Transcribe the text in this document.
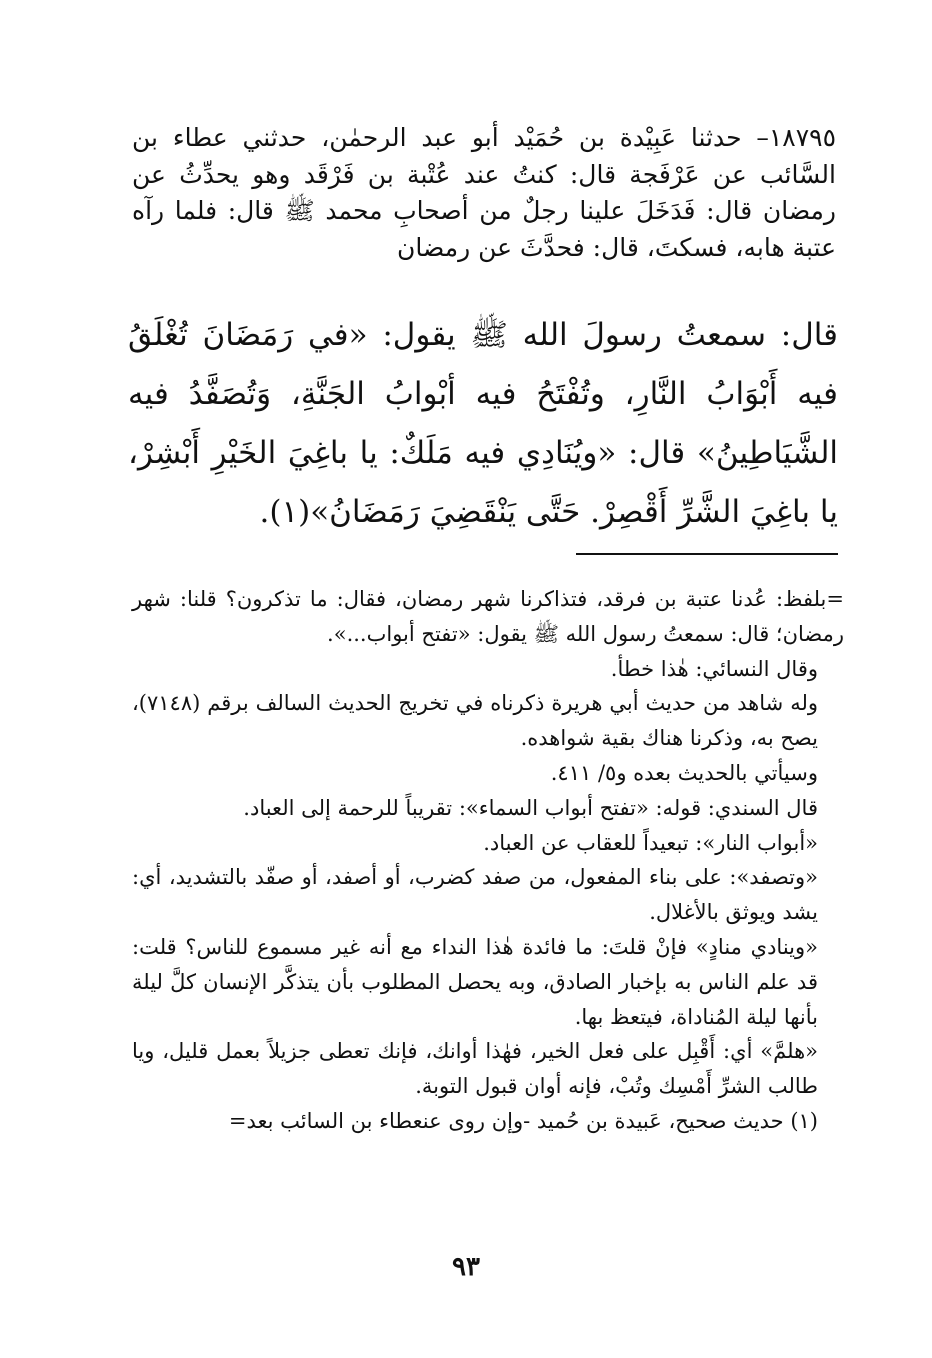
١٨٧٩٥– حدثنا عَبِيْدة بن حُمَيْد أبو عبد الرحمٰن، حدثني عطاء بن السَّائب عن عَرْفَجة قال: كنتُ عند عُتْبة بن فَرْقَد وهو يحدِّثُ عن رمضان قال: فَدَخَلَ علينا رجلٌ من أصحابِ محمد ﷺ قال: فلما رآه عتبة هابه، فسكتَ، قال: فحدَّثَ عن رمضان
قال: سمعتُ رسولَ الله ﷺ يقول: «في رَمَضَانَ تُغْلَقُ فيه أَبْوَابُ النَّارِ، وتُفْتَحُ فيه أبْوابُ الجَنَّةِ، وَتُصَفَّدُ فيه الشَّيَاطِينُ» قال: «ويُنَادِي فيه مَلَكٌ: يا باغِيَ الخَيْرِ أَبْشِرْ، يا باغِيَ الشَّرِّ أَقْصِرْ. حَتَّى يَنْقَضِيَ رَمَضَانُ»(١).

=بلفظ: عُدنا عتبة بن فرقد، فتذاكرنا شهر رمضان، فقال: ما تذكرون؟ قلنا: شهر رمضان؛ قال: سمعتُ رسول الله ﷺ يقول: «تفتح أبواب...».

وقال النسائي: هٰذا خطأ.

وله شاهد من حديث أبي هريرة ذكرناه في تخريج الحديث السالف برقم (٧١٤٨)، يصح به، وذكرنا هناك بقية شواهده.

وسيأتي بالحديث بعده و٥/ ٤١١.

قال السندي: قوله: «تفتح أبواب السماء»: تقريباً للرحمة إلى العباد.

«أبواب النار»: تبعيداً للعقاب عن العباد.

«وتصفد»: على بناء المفعول، من صفد كضرب، أو أصفد، أو صفّد بالتشديد، أي: يشد ويوثق بالأغلال.

«وينادي منادٍ» فإنْ قلتَ: ما فائدة هٰذا النداء مع أنه غير مسموع للناس؟ قلت: قد علم الناس به بإخبار الصادق، وبه يحصل المطلوب بأن يتذكَّر الإنسان كلَّ ليلة بأنها ليلة المُناداة، فيتعظ بها.

«هلمَّ» أي: أَقْبِل على فعل الخير، فهٰذا أوانك، فإنك تعطى جزيلاً بعمل قليل، ويا طالب الشرِّ أَمْسِك وتُبْ، فإنه أوان قبول التوبة.

(١) حديث صحيح، عَبيدة بن حُميد -وإن روى عنعطاء بن السائب بعد=

٩٣
